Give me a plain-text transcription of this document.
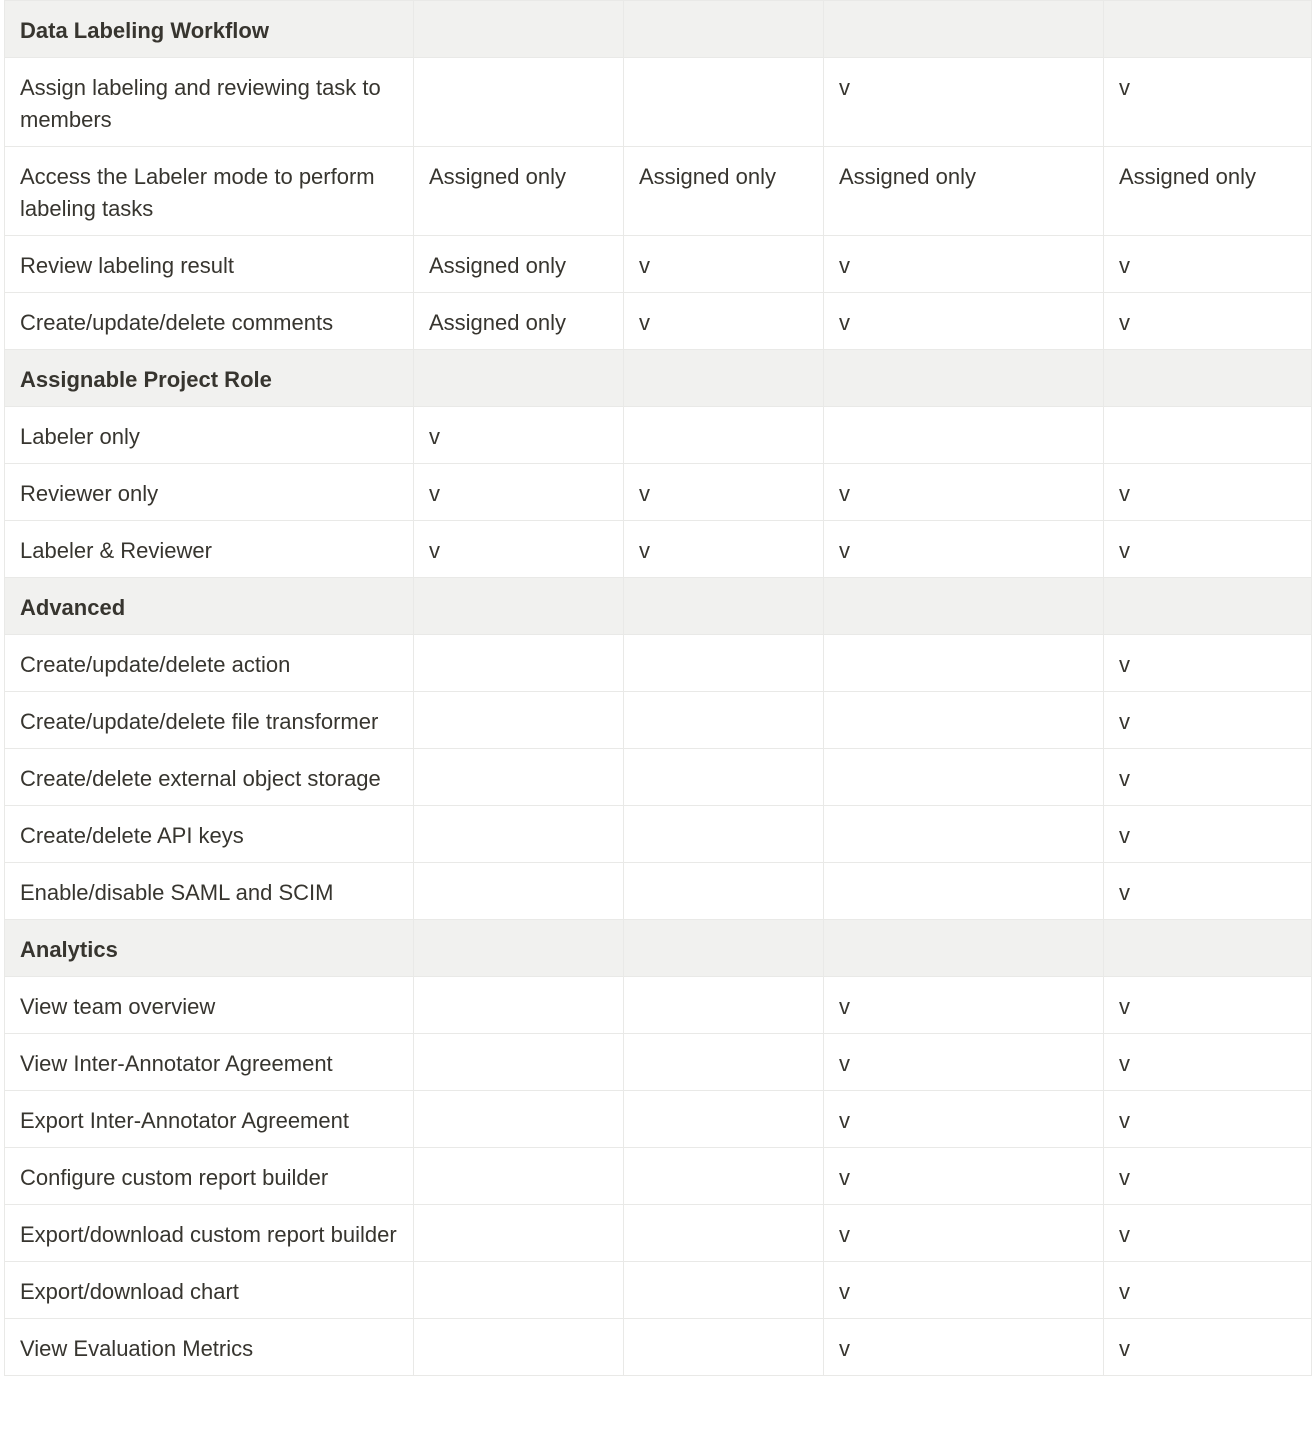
Data Labeling Workflow				
Assign labeling and reviewing task to members			v	v
Access the Labeler mode to perform labeling tasks	Assigned only	Assigned only	Assigned only	Assigned only
Review labeling result	Assigned only	v	v	v
Create/update/delete comments	Assigned only	v	v	v
Assignable Project Role				
Labeler only	v			
Reviewer only	v	v	v	v
Labeler & Reviewer	v	v	v	v
Advanced				
Create/update/delete action				v
Create/update/delete file transformer				v
Create/delete external object storage				v
Create/delete API keys				v
Enable/disable SAML and SCIM				v
Analytics				
View team overview			v	v
View Inter-Annotator Agreement			v	v
Export Inter-Annotator Agreement			v	v
Configure custom report builder			v	v
Export/download custom report builder			v	v
Export/download chart			v	v
View Evaluation Metrics			v	v
